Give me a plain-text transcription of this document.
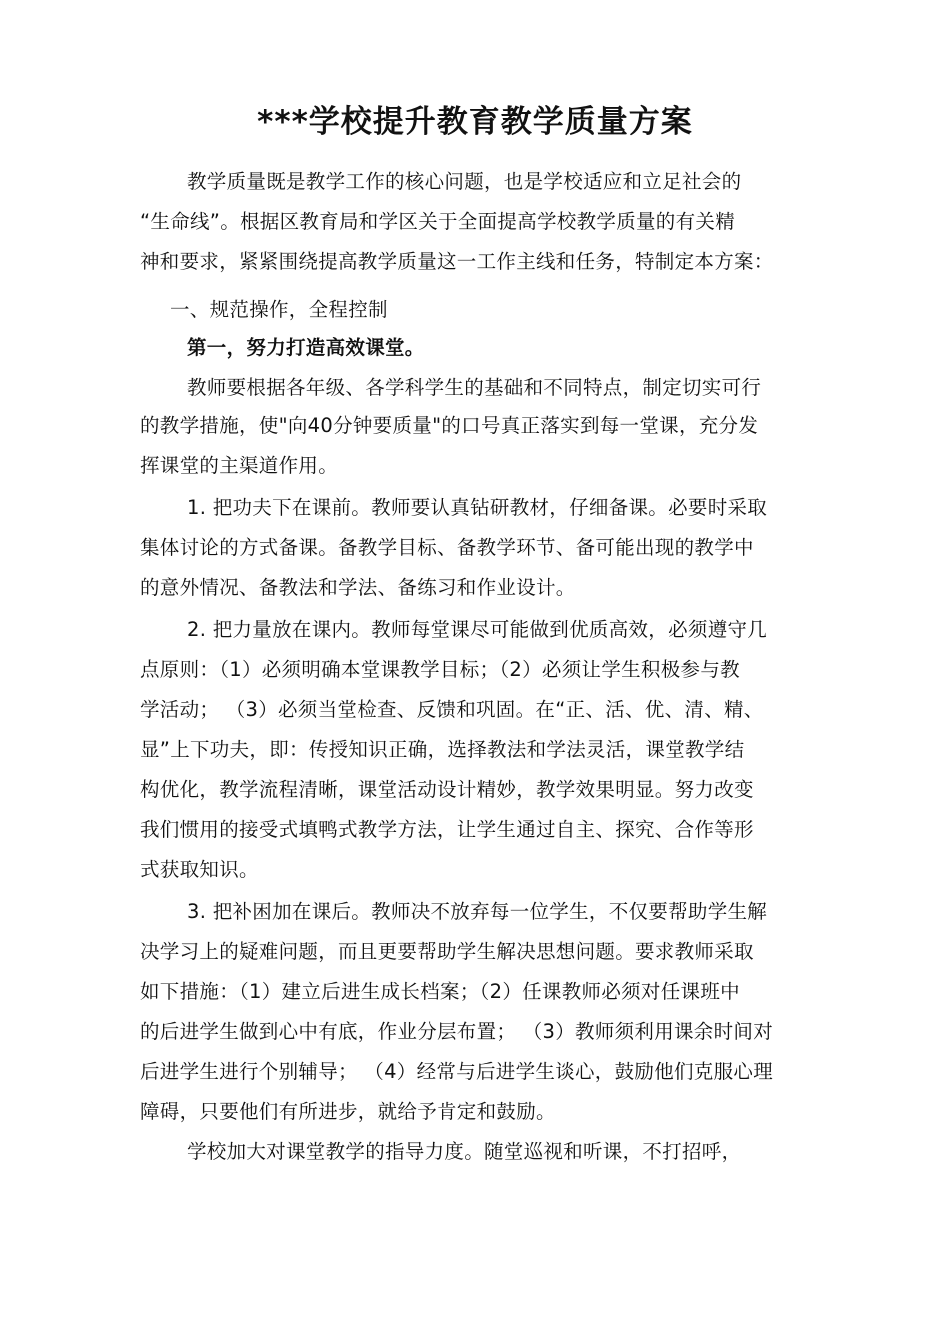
***学校提升教育教学质量方案
教学质量既是教学工作的核心问题，也是学校适应和立足社会的
“生命线”。根据区教育局和学区关于全面提高学校教学质量的有关精
神和要求，紧紧围绕提高教学质量这一工作主线和任务，特制定本方案：
一、规范操作，全程控制
第一，努力打造高效课堂。
教师要根据各年级、各学科学生的基础和不同特点，制定切实可行
的教学措施，使"向40分钟要质量"的口号真正落实到每一堂课，充分发
挥课堂的主渠道作用。
1. 把功夫下在课前。教师要认真钻研教材，仔细备课。必要时采取
集体讨论的方式备课。备教学目标、备教学环节、备可能出现的教学中
的意外情况、备教法和学法、备练习和作业设计。
2. 把力量放在课内。教师每堂课尽可能做到优质高效，必须遵守几
点原则：（1）必须明确本堂课教学目标；（2）必须让学生积极参与教
学活动； （3）必须当堂检查、反馈和巩固。在“正、活、优、清、精、
显”上下功夫，即：传授知识正确，选择教法和学法灵活，课堂教学结
构优化，教学流程清晰，课堂活动设计精妙，教学效果明显。努力改变
我们惯用的接受式填鸭式教学方法，让学生通过自主、探究、合作等形
式获取知识。
3. 把补困加在课后。教师决不放弃每一位学生，不仅要帮助学生解
决学习上的疑难问题，而且更要帮助学生解决思想问题。要求教师采取
如下措施：（1）建立后进生成长档案；（2）任课教师必须对任课班中
的后进学生做到心中有底，作业分层布置； （3）教师须利用课余时间对
后进学生进行个别辅导； （4）经常与后进学生谈心，鼓励他们克服心理
障碍，只要他们有所进步，就给予肯定和鼓励。
学校加大对课堂教学的指导力度。随堂巡视和听课，不打招呼，
